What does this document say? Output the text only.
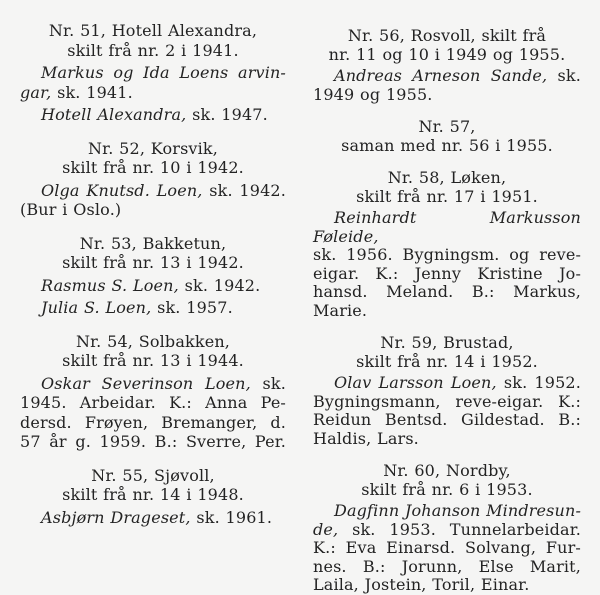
Nr. 51, Hotell Alexandra,
skilt frå nr. 2 i 1941.
Markus og Ida Loens arvin-
gar, sk. 1941.
Hotell Alexandra, sk. 1947.
Nr. 52, Korsvik,
skilt frå nr. 10 i 1942.
Olga Knutsd. Loen, sk. 1942.
(Bur i Oslo.)
Nr. 53, Bakketun,
skilt frå nr. 13 i 1942.
Rasmus S. Loen, sk. 1942.
Julia S. Loen, sk. 1957.
Nr. 54, Solbakken,
skilt frå nr. 13 i 1944.
Oskar Severinson Loen, sk.
1945. Arbeidar. K.: Anna Pe-
dersd. Frøyen, Bremanger, d.
57 år g. 1959. B.: Sverre, Per.
Nr. 55, Sjøvoll,
skilt frå nr. 14 i 1948.
Asbjørn Drageset, sk. 1961.
Nr. 56, Rosvoll, skilt frå
nr. 11 og 10 i 1949 og 1955.
Andreas Arneson Sande, sk.
1949 og 1955.
Nr. 57,
saman med nr. 56 i 1955.
Nr. 58, Løken,
skilt frå nr. 17 i 1951.
Reinhardt Markusson Føleide,
sk. 1956. Bygningsm. og reve-
eigar. K.: Jenny Kristine Jo-
hansd. Meland. B.: Markus,
Marie.
Nr. 59, Brustad,
skilt frå nr. 14 i 1952.
Olav Larsson Loen, sk. 1952.
Bygningsmann, reve-eigar. K.:
Reidun Bentsd. Gildestad. B.:
Haldis, Lars.
Nr. 60, Nordby,
skilt frå nr. 6 i 1953.
Dagfinn Johanson Mindresun-
de, sk. 1953. Tunnelarbeidar.
K.: Eva Einarsd. Solvang, Fur-
nes. B.: Jorunn, Else Marit,
Laila, Jostein, Toril, Einar.
